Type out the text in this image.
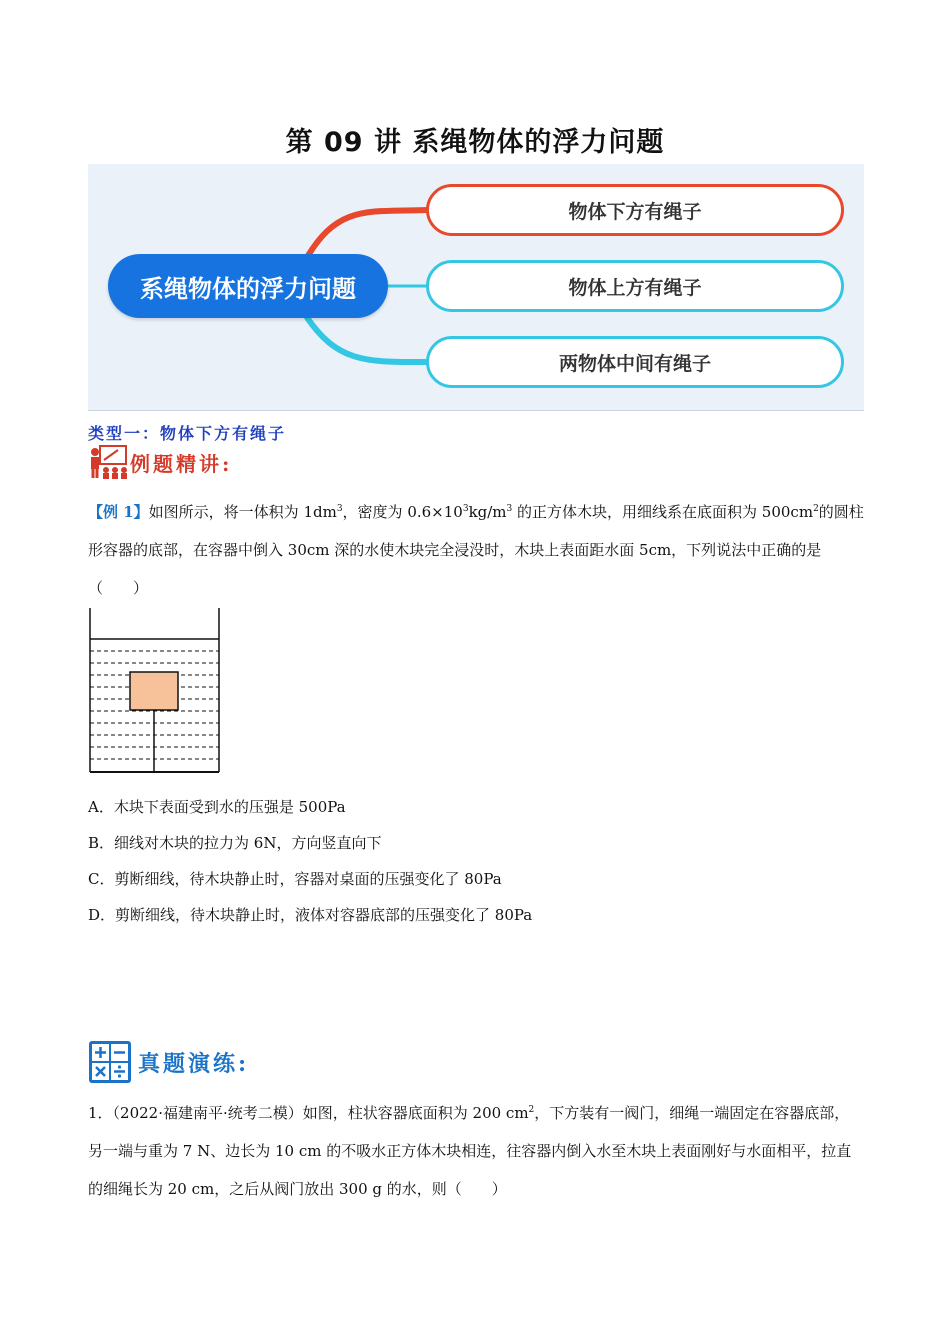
第 09 讲 系绳物体的浮力问题
系绳物体的浮力问题
物体下方有绳子
物体上方有绳子
两物体中间有绳子
类型一：物体下方有绳子
例题精讲:
【例 1】如图所示，将一体积为 $1dm^3$，密度为 $0.6\times 10^3kg/m^3$ 的正方体木块，用细线系在底面积为 $500cm^2$的圆柱形容器的底部，在容器中倒入 30cm 深的水使木块完全浸没时，木块上表面距水面 5cm，下列说法中正确的是（　　）
A．木块下表面受到水的压强是 500Pa
B．细线对木块的拉力为 6N，方向竖直向下
C．剪断细线，待木块静止时，容器对桌面的压强变化了 80Pa
D．剪断细线，待木块静止时，液体对容器底部的压强变化了 80Pa
真题演练:
1．（2022·福建南平·统考二模）如图，柱状容器底面积为 200 $cm^2$，下方装有一阀门，细绳一端固定在容器底部，另一端与重为 7 N、边长为 10 cm 的不吸水正方体木块相连，往容器内倒入水至木块上表面刚好与水面相平，拉直的细绳长为 20 cm，之后从阀门放出 300 g 的水，则（　　）
